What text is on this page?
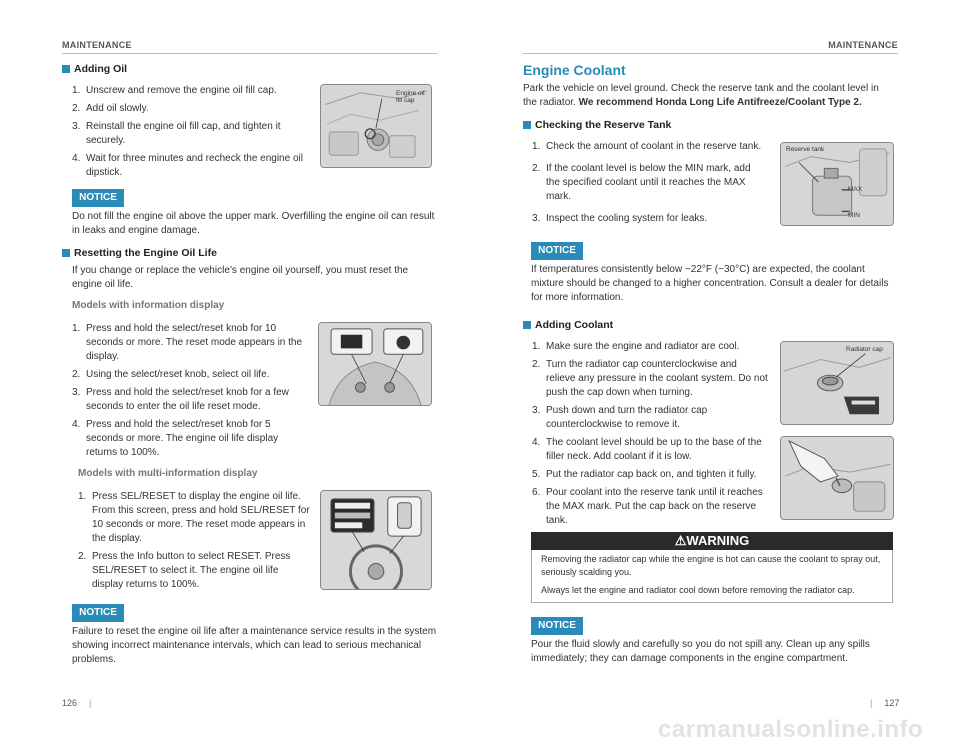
MAINTENANCE
Adding Oil
1. Unscrew and remove the engine oil fill cap.
2. Add oil slowly.
3. Reinstall the engine oil fill cap, and tighten it securely.
4. Wait for three minutes and recheck the engine oil dipstick.
Engine oil fill cap
NOTICE
Do not fill the engine oil above the upper mark. Overfilling the engine oil can result in leaks and engine damage.
Resetting the Engine Oil Life
If you change or replace the vehicle’s engine oil yourself, you must reset the engine oil life.
Models with information display
1. Press and hold the select/reset knob for 10 seconds or more. The reset mode appears in the display.
2. Using the select/reset knob, select oil life.
3. Press and hold the select/reset knob for a few seconds to enter the oil life reset mode.
4. Press and hold the select/reset knob for 5 seconds or more. The engine oil life display returns to 100%.
Models with multi-information display
1. Press SEL/RESET to display the engine oil life. From this screen, press and hold SEL/RESET for 10 seconds or more. The reset mode appears in the display.
2. Press the Info button to select RESET. Press SEL/RESET to select it. The engine oil life display returns to 100%.
NOTICE
Failure to reset the engine oil life after a maintenance service results in the system showing incorrect maintenance intervals, which can lead to serious mechanical problems.
126 |
MAINTENANCE
Engine Coolant
Park the vehicle on level ground. Check the reserve tank and the coolant level in the radiator. We recommend Honda Long Life Antifreeze/Coolant Type 2.
Checking the Reserve Tank
1. Check the amount of coolant in the reserve tank.
2. If the coolant level is below the MIN mark, add the specified coolant until it reaches the MAX mark.
3. Inspect the cooling system for leaks.
Reserve tank
MAX
MIN
NOTICE
If temperatures consistently below −22°F (−30°C) are expected, the coolant mixture should be changed to a higher concentration. Consult a dealer for details for more information.
Adding Coolant
1. Make sure the engine and radiator are cool.
2. Turn the radiator cap counterclockwise and relieve any pressure in the coolant system. Do not push the cap down when turning.
3. Push down and turn the radiator cap counterclockwise to remove it.
4. The coolant level should be up to the base of the filler neck. Add coolant if it is low.
5. Put the radiator cap back on, and tighten it fully.
6. Pour coolant into the reserve tank until it reaches the MAX mark. Put the cap back on the reserve tank.
Radiator cap
⚠WARNING
Removing the radiator cap while the engine is hot can cause the coolant to spray out, seriously scalding you.
Always let the engine and radiator cool down before removing the radiator cap.
NOTICE
Pour the fluid slowly and carefully so you do not spill any. Clean up any spills immediately; they can damage components in the engine compartment.
| 127
carmanualsonline.info
